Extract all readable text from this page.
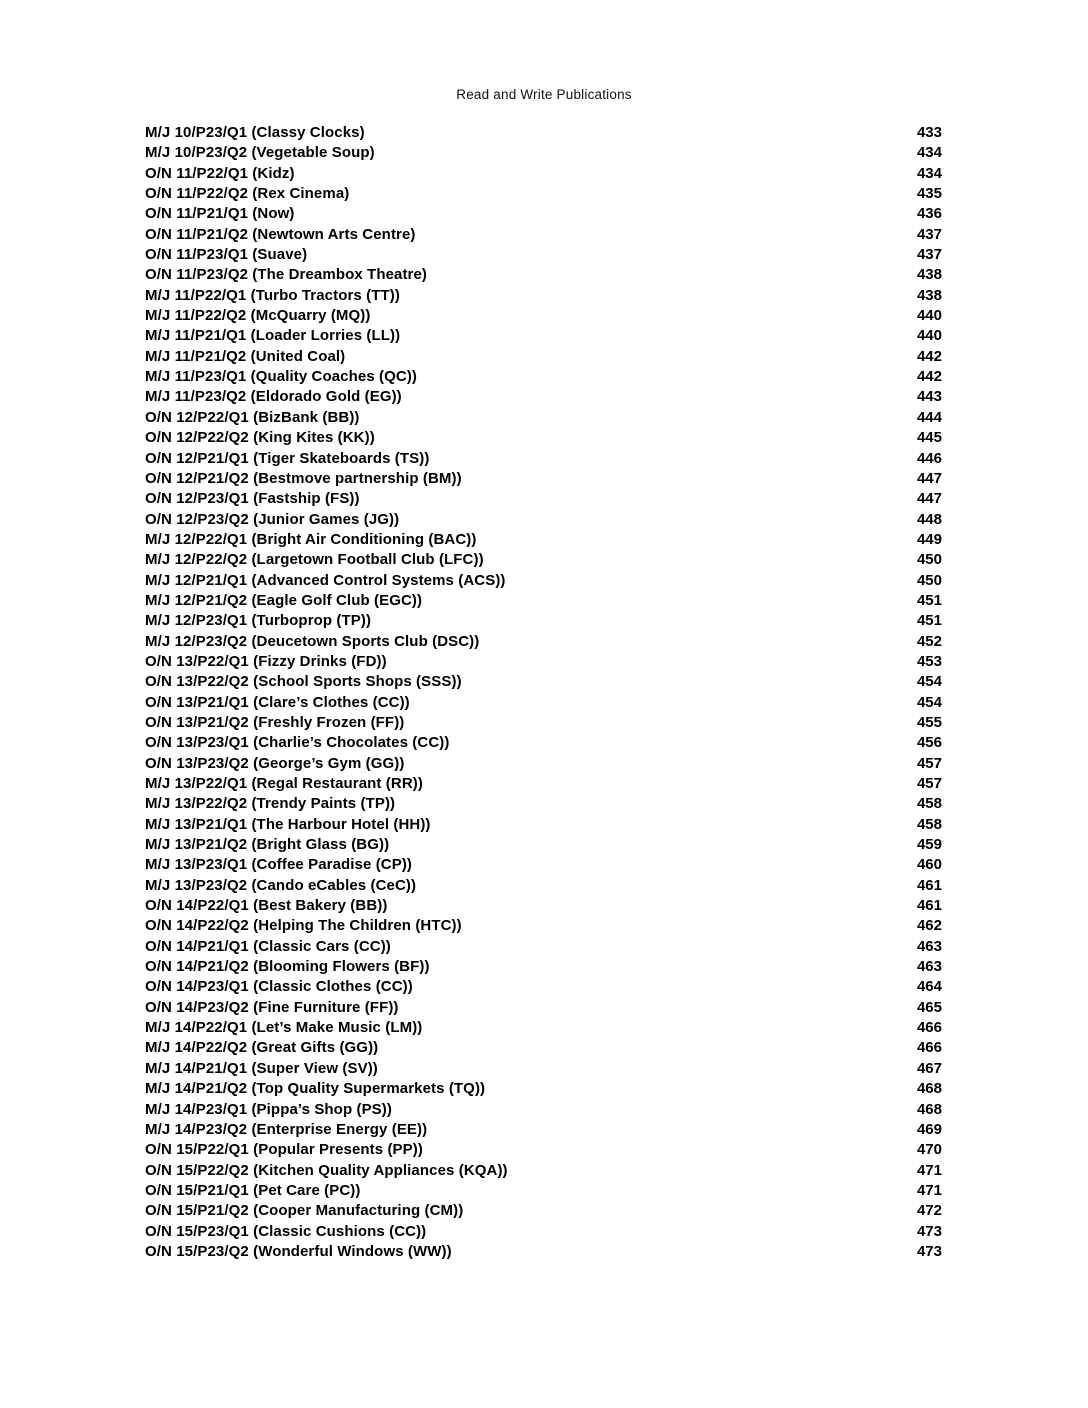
Read and Write Publications
M/J 10/P23/Q1 (Classy Clocks)	433
M/J 10/P23/Q2 (Vegetable Soup)	434
O/N 11/P22/Q1 (Kidz)	434
O/N 11/P22/Q2 (Rex Cinema)	435
O/N 11/P21/Q1 (Now)	436
O/N 11/P21/Q2 (Newtown Arts Centre)	437
O/N 11/P23/Q1 (Suave)	437
O/N 11/P23/Q2 (The Dreambox Theatre)	438
M/J 11/P22/Q1 (Turbo Tractors (TT))	438
M/J 11/P22/Q2 (McQuarry (MQ))	440
M/J 11/P21/Q1 (Loader Lorries (LL))	440
M/J 11/P21/Q2 (United Coal)	442
M/J 11/P23/Q1 (Quality Coaches (QC))	442
M/J 11/P23/Q2 (Eldorado Gold (EG))	443
O/N 12/P22/Q1 (BizBank (BB))	444
O/N 12/P22/Q2 (King Kites (KK))	445
O/N 12/P21/Q1 (Tiger Skateboards (TS))	446
O/N 12/P21/Q2 (Bestmove partnership (BM))	447
O/N 12/P23/Q1 (Fastship (FS))	447
O/N 12/P23/Q2 (Junior Games (JG))	448
M/J 12/P22/Q1 (Bright Air Conditioning (BAC))	449
M/J 12/P22/Q2 (Largetown Football Club (LFC))	450
M/J 12/P21/Q1 (Advanced Control Systems (ACS))	450
M/J 12/P21/Q2 (Eagle Golf Club (EGC))	451
M/J 12/P23/Q1 (Turboprop (TP))	451
M/J 12/P23/Q2 (Deucetown Sports Club (DSC))	452
O/N 13/P22/Q1 (Fizzy Drinks (FD))	453
O/N 13/P22/Q2 (School Sports Shops (SSS))	454
O/N 13/P21/Q1 (Clare’s Clothes (CC))	454
O/N 13/P21/Q2 (Freshly Frozen (FF))	455
O/N 13/P23/Q1 (Charlie’s Chocolates (CC))	456
O/N 13/P23/Q2 (George’s Gym (GG))	457
M/J 13/P22/Q1 (Regal Restaurant (RR))	457
M/J 13/P22/Q2 (Trendy Paints (TP))	458
M/J 13/P21/Q1 (The Harbour Hotel (HH))	458
M/J 13/P21/Q2 (Bright Glass (BG))	459
M/J 13/P23/Q1 (Coffee Paradise (CP))	460
M/J 13/P23/Q2 (Cando eCables (CeC))	461
O/N 14/P22/Q1 (Best Bakery (BB))	461
O/N 14/P22/Q2 (Helping The Children (HTC))	462
O/N 14/P21/Q1 (Classic Cars (CC))	463
O/N 14/P21/Q2 (Blooming Flowers (BF))	463
O/N 14/P23/Q1 (Classic Clothes (CC))	464
O/N 14/P23/Q2 (Fine Furniture (FF))	465
M/J 14/P22/Q1 (Let’s Make Music (LM))	466
M/J 14/P22/Q2 (Great Gifts (GG))	466
M/J 14/P21/Q1 (Super View (SV))	467
M/J 14/P21/Q2 (Top Quality Supermarkets (TQ))	468
M/J 14/P23/Q1 (Pippa’s Shop (PS))	468
M/J 14/P23/Q2 (Enterprise Energy (EE))	469
O/N 15/P22/Q1 (Popular Presents (PP))	470
O/N 15/P22/Q2 (Kitchen Quality Appliances (KQA))	471
O/N 15/P21/Q1 (Pet Care (PC))	471
O/N 15/P21/Q2 (Cooper Manufacturing (CM))	472
O/N 15/P23/Q1 (Classic Cushions (CC))	473
O/N 15/P23/Q2 (Wonderful Windows (WW))	473
